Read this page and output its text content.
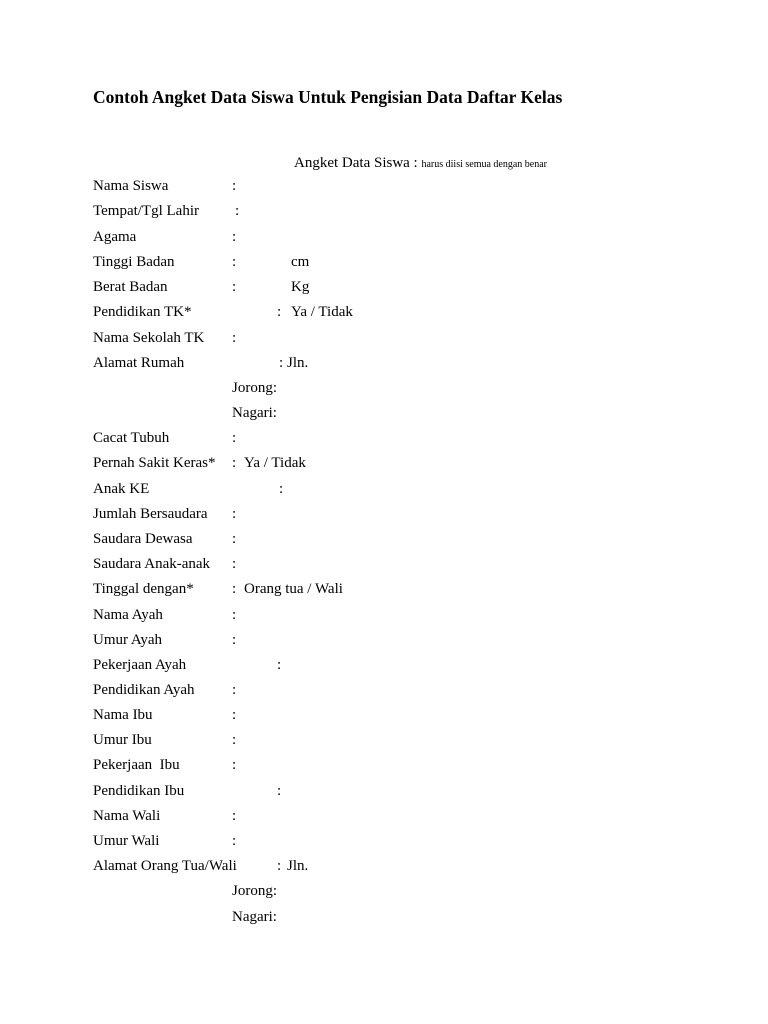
Contoh Angket Data Siswa Untuk Pengisian Data Daftar Kelas
Angket Data Siswa : harus diisi semua dengan benar
Nama Siswa	:
Tempat/Tgl Lahir :
Agama	:
Tinggi Badan	:	cm
Berat Badan	:	Kg
Pendidikan TK*	: Ya / Tidak
Nama Sekolah TK :
Alamat Rumah	: Jln.
Jorong:
Nagari:
Cacat Tubuh	:
Pernah Sakit Keras* : Ya / Tidak
Anak KE	:
Jumlah Bersaudara :
Saudara Dewasa	:
Saudara Anak-anak :
Tinggal dengan*	: Orang tua / Wali
Nama Ayah	:
Umur Ayah	:
Pekerjaan Ayah	:
Pendidikan Ayah :
Nama Ibu	:
Umur Ibu	:
Pekerjaan  Ibu	:
Pendidikan Ibu	:
Nama Wali	:
Umur Wali	:
Alamat Orang Tua/Wali	: Jln.
Jorong:
Nagari:
